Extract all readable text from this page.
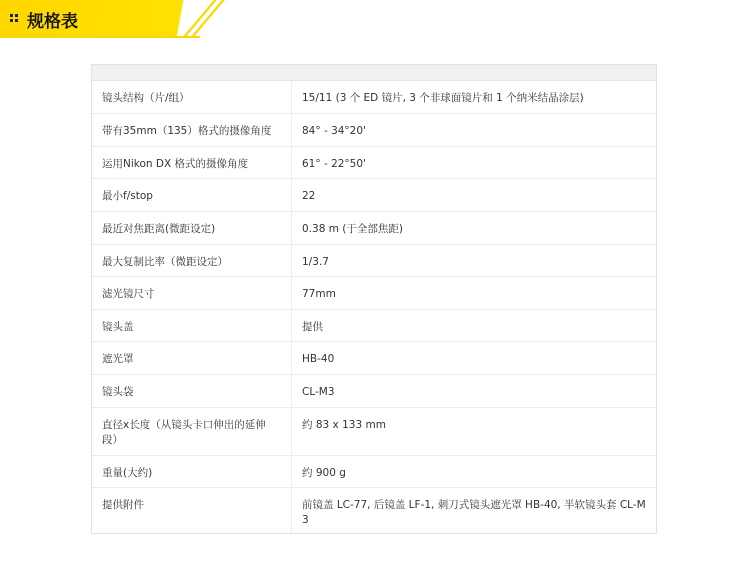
规格表
镜头结构（片/组）	15/11 (3 个 ED 镜片, 3 个非球面镜片和 1 个纳米结晶涂层)
带有35mm（135）格式的摄像角度	84° - 34°20'
运用Nikon DX 格式的摄像角度	61° - 22°50'
最小f/stop	22
最近对焦距离(微距设定)	0.38 m (于全部焦距)
最大复制比率（微距设定）	1/3.7
滤光镜尺寸	77mm
镜头盖	提供
遮光罩	HB-40
镜头袋	CL-M3
直径x长度（从镜头卡口伸出的延伸段）	约 83 x 133 mm
重量(大约)	约 900 g
提供附件	前镜盖 LC-77, 后镜盖 LF-1, 刺刀式镜头遮光罩 HB-40, 半软镜头套 CL-M3
